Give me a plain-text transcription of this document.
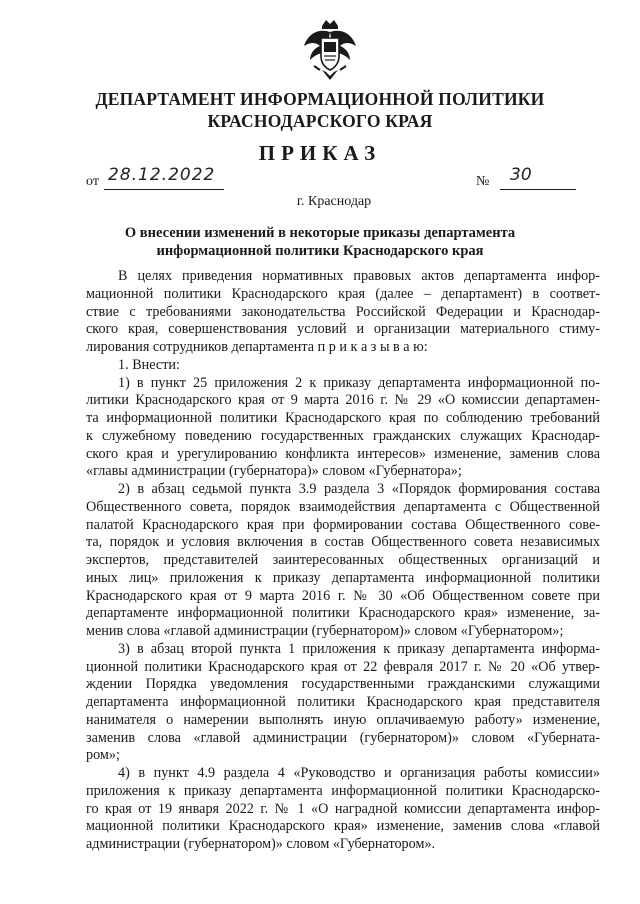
ДЕПАРТАМЕНТ ИНФОРМАЦИОННОЙ ПОЛИТИКИ
КРАСНОДАРСКОГО КРАЯ
ПРИКАЗ
от 28.12.2022	№ 30
г. Краснодар
О внесении изменений в некоторые приказы департамента
информационной политики Краснодарского края
В целях приведения нормативных правовых актов департамента инфор-
мационной политики Краснодарского края (далее – департамент) в соответ-
ствие с требованиями законодательства Российской Федерации и Краснодар-
ского края, совершенствования условий и организации материального стиму-
лирования сотрудников департамента п р и к а з ы в а ю:
1. Внести:
1) в пункт 25 приложения 2 к приказу департамента информационной по-
литики Краснодарского края от 9 марта 2016 г. № 29 «О комиссии департамен-
та информационной политики Краснодарского края по соблюдению требований
к служебному поведению государственных гражданских служащих Краснодар-
ского края и урегулированию конфликта интересов» изменение, заменив слова
«главы администрации (губернатора)» словом «Губернатора»;
2) в абзац седьмой пункта 3.9 раздела 3 «Порядок формирования состава
Общественного совета, порядок взаимодействия департамента с Общественной
палатой Краснодарского края при формировании состава Общественного сове-
та, порядок и условия включения в состав Общественного совета независимых
экспертов, представителей заинтересованных общественных организаций и
иных лиц» приложения к приказу департамента информационной политики
Краснодарского края от 9 марта 2016 г. № 30 «Об Общественном совете при
департаменте информационной политики Краснодарского края» изменение, за-
менив слова «главой администрации (губернатором)» словом «Губернатором»;
3) в абзац второй пункта 1 приложения к приказу департамента информа-
ционной политики Краснодарского края от 22 февраля 2017 г. № 20 «Об утвер-
ждении Порядка уведомления государственными гражданскими служащими
департамента информационной политики Краснодарского края представителя
нанимателя о намерении выполнять иную оплачиваемую работу» изменение,
заменив слова «главой администрации (губернатором)» словом «Губерната-
ром»;
4) в пункт 4.9 раздела 4 «Руководство и организация работы комиссии»
приложения к приказу департамента информационной политики Краснодарско-
го края от 19 января 2022 г. № 1 «О наградной комиссии департамента инфор-
мационной политики Краснодарского края» изменение, заменив слова «главой
администрации (губернатором)» словом «Губернатором».
